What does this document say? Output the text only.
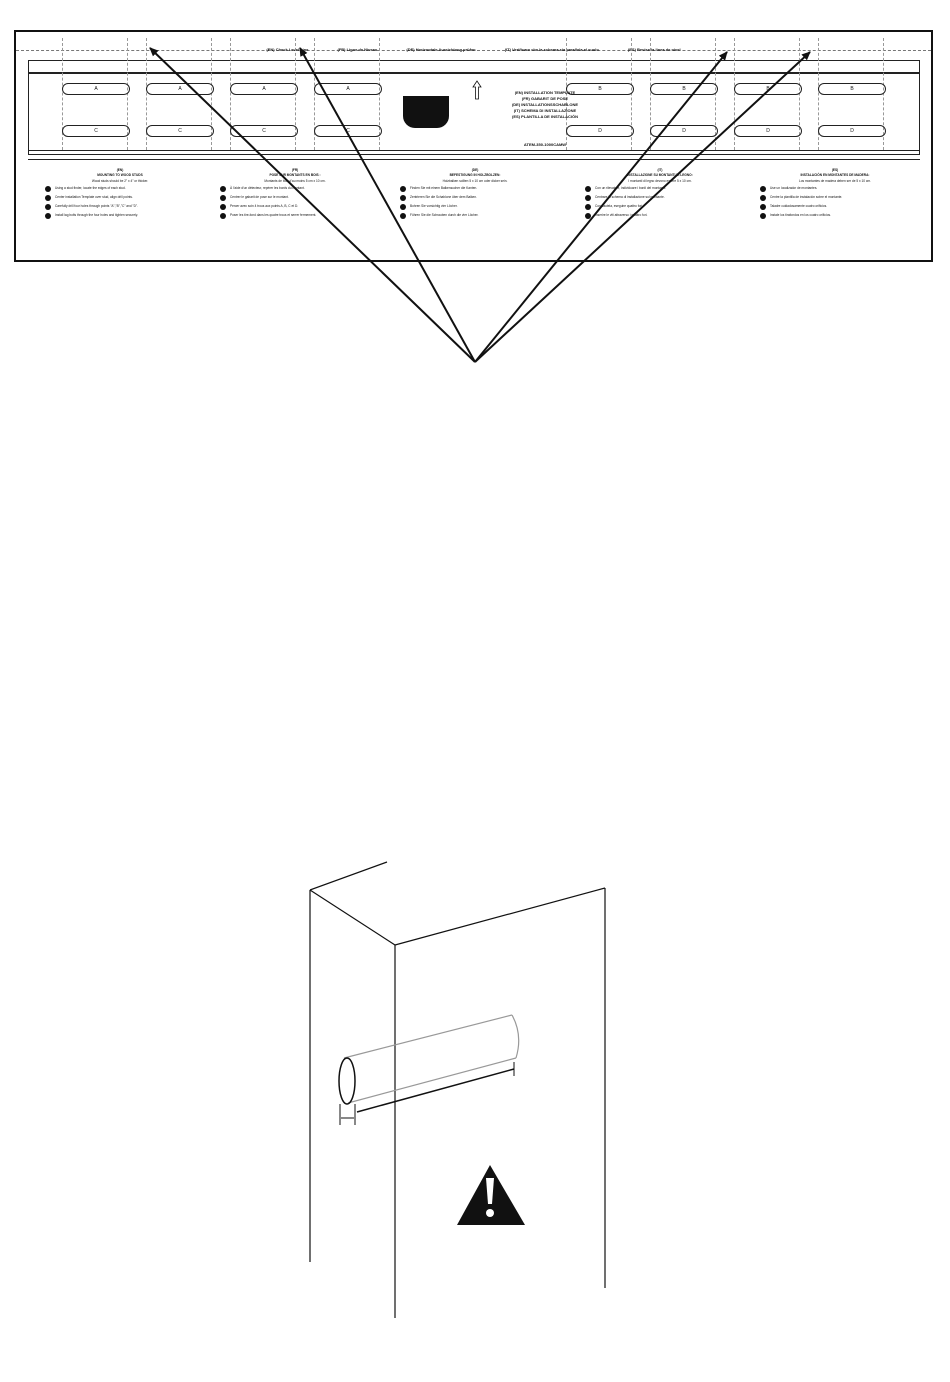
(EN) Check Level Line	(FR) Ligne de Niveau	(DE) Horizontale Ausrichtung prüfen	(IT) Verificare che la schema sia parallela al suolo	(ES) Revise la linea de nivel
A	A	A	A	B	B	B	B
C	C	C	C	D	D	D	D
(EN) INSTALLATION TEMPLATE
(FR) GABARIT DE POSE
(DE) INSTALLATIONSSCHABLONE
(IT) SCHEMA DI INSTALLAZIONE
(ES) PLANTILLA DE INSTALACIÓN
ATEM-350-1000CAMW
(EN)
MOUNTING TO WOOD STUDS
Wood studs should be 2" x 4" or thicker.
Using a stud finder, locate the edges of each stud.
Center installation Template over stud, align drill points.
Carefully drill four holes through points "A","B","C" and "D".
Install lag bolts through the four holes and tighten securely.
(FR)
POSE SUR MONTANTS EN BOIS :
Montants de bois d'au moins 5 cm x 10 cm.
À l'aide d'un détecteur, repérer les bords du montant.
Centrer le gabarit de pose sur le montant.
Percer avec soin 4 trous aux points A, B, C et D.
Poser les tire-fond dans les quatre trous et serrer fermement.
(DE)
BEFESTIGUNG IN HOLZBOLZEN:
Holzbalken sollten 5 x 10 cm oder dicker sein.
Finden Sie mit einem Balkensucher die Kanten.
Zentrieren Sie die Schablone über dem Balken.
Bohren Sie vorsichtig vier Löcher.
Führen Sie die Schrauben durch die vier Löcher.
(IT)
INSTALLAZIONE SU MONTANTI DI LEGNO:
I montanti di legno devono essere 5 x 10 cm.
Con un rilevatore, individuare i bordi del montante.
Centrare lo schema di installazione sul montante.
Con cautela, eseguire quattro fori.
Inserire le viti attraverso i quattro fori.
(ES)
INSTALACIÓN EN MONTANTES DE MADERA:
Los montantes de madera deben ser de 5 x 10 cm.
Use un localizador de montantes.
Centre la plantilla de instalación sobre el montante.
Taladre cuidadosamente cuatro orificios.
Instale los tirafondos en los cuatro orificios.
